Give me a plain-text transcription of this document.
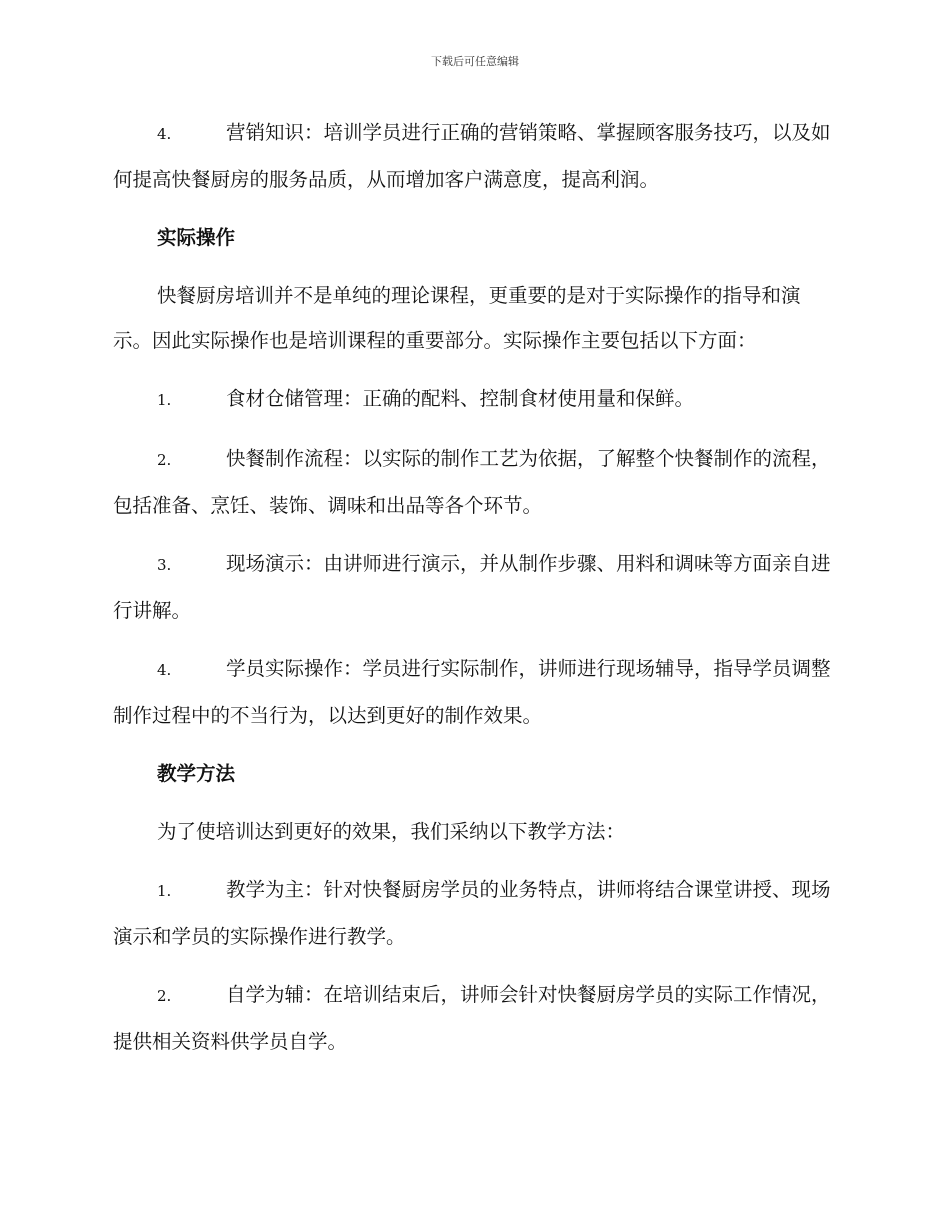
下载后可任意编辑

4.	营销知识：培训学员进行正确的营销策略、掌握顾客服务技巧，以及如何提高快餐厨房的服务品质，从而增加客户满意度，提高利润。

实际操作

快餐厨房培训并不是单纯的理论课程，更重要的是对于实际操作的指导和演示。因此实际操作也是培训课程的重要部分。实际操作主要包括以下方面：

1.	食材仓储管理：正确的配料、控制食材使用量和保鲜。

2.	快餐制作流程：以实际的制作工艺为依据，了解整个快餐制作的流程，包括准备、烹饪、装饰、调味和出品等各个环节。

3.	现场演示：由讲师进行演示，并从制作步骤、用料和调味等方面亲自进行讲解。

4.	学员实际操作：学员进行实际制作，讲师进行现场辅导，指导学员调整制作过程中的不当行为，以达到更好的制作效果。

教学方法

为了使培训达到更好的效果，我们采纳以下教学方法：

1.	教学为主：针对快餐厨房学员的业务特点，讲师将结合课堂讲授、现场演示和学员的实际操作进行教学。

2.	自学为辅：在培训结束后，讲师会针对快餐厨房学员的实际工作情况，提供相关资料供学员自学。
